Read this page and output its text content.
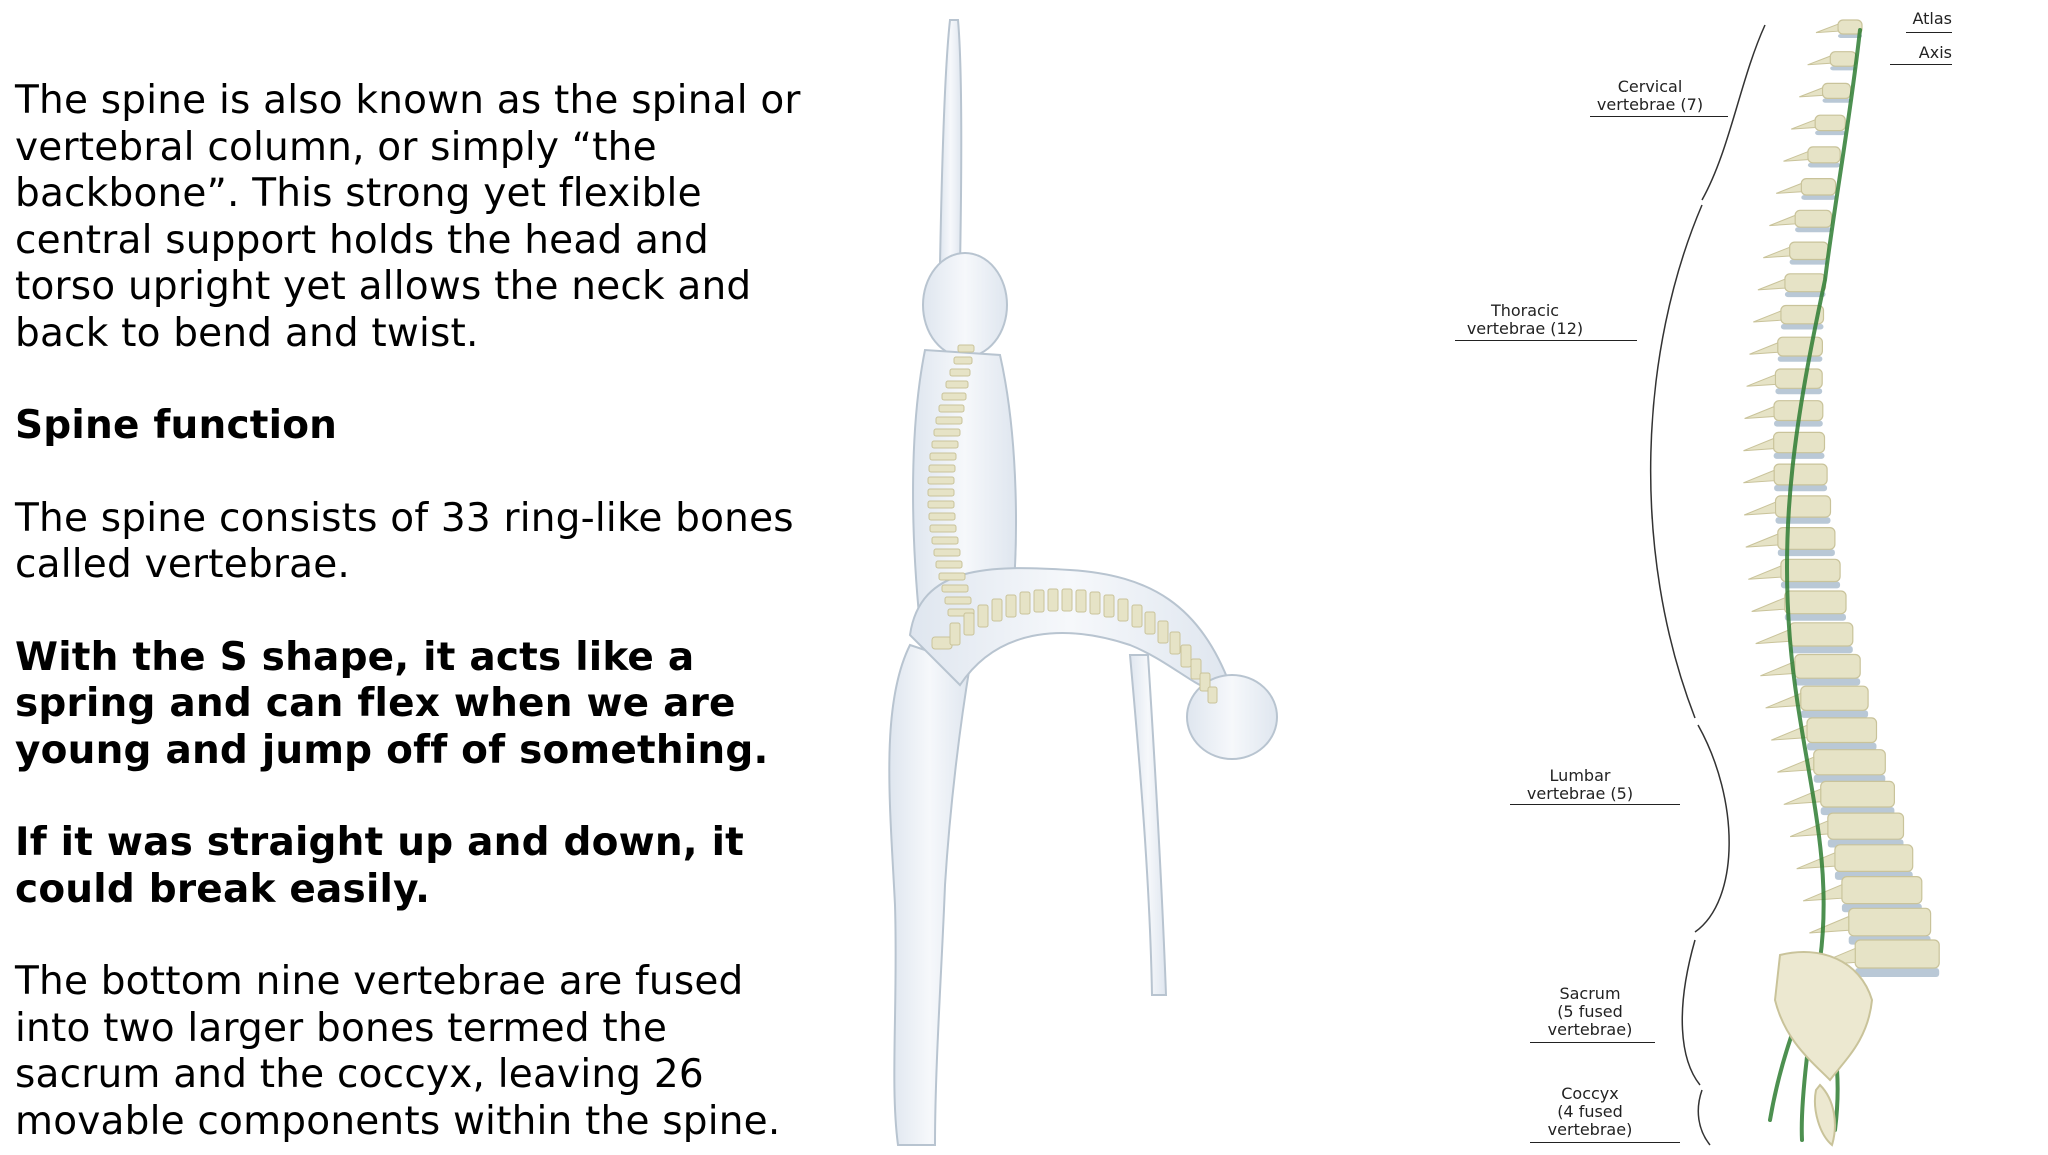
The spine is also known as the spinal or vertebral column, or simply “the backbone”. This strong yet flexible central support holds the head and torso upright yet allows the neck and back to bend and twist.

Spine function

The spine consists of 33 ring-like bones called vertebrae.

With the S shape, it acts like a spring and can flex when we are young and jump off of something.

If it was straight up and down, it could break easily.

The bottom nine vertebrae are fused into two larger bones termed the sacrum and the coccyx, leaving 26 movable components within the spine.

Atlas
Axis
Cervical
vertebrae (7)
Thoracic
vertebrae (12)
Lumbar
vertebrae (5)
Sacrum
(5 fused
vertebrae)
Coccyx
(4 fused
vertebrae)
